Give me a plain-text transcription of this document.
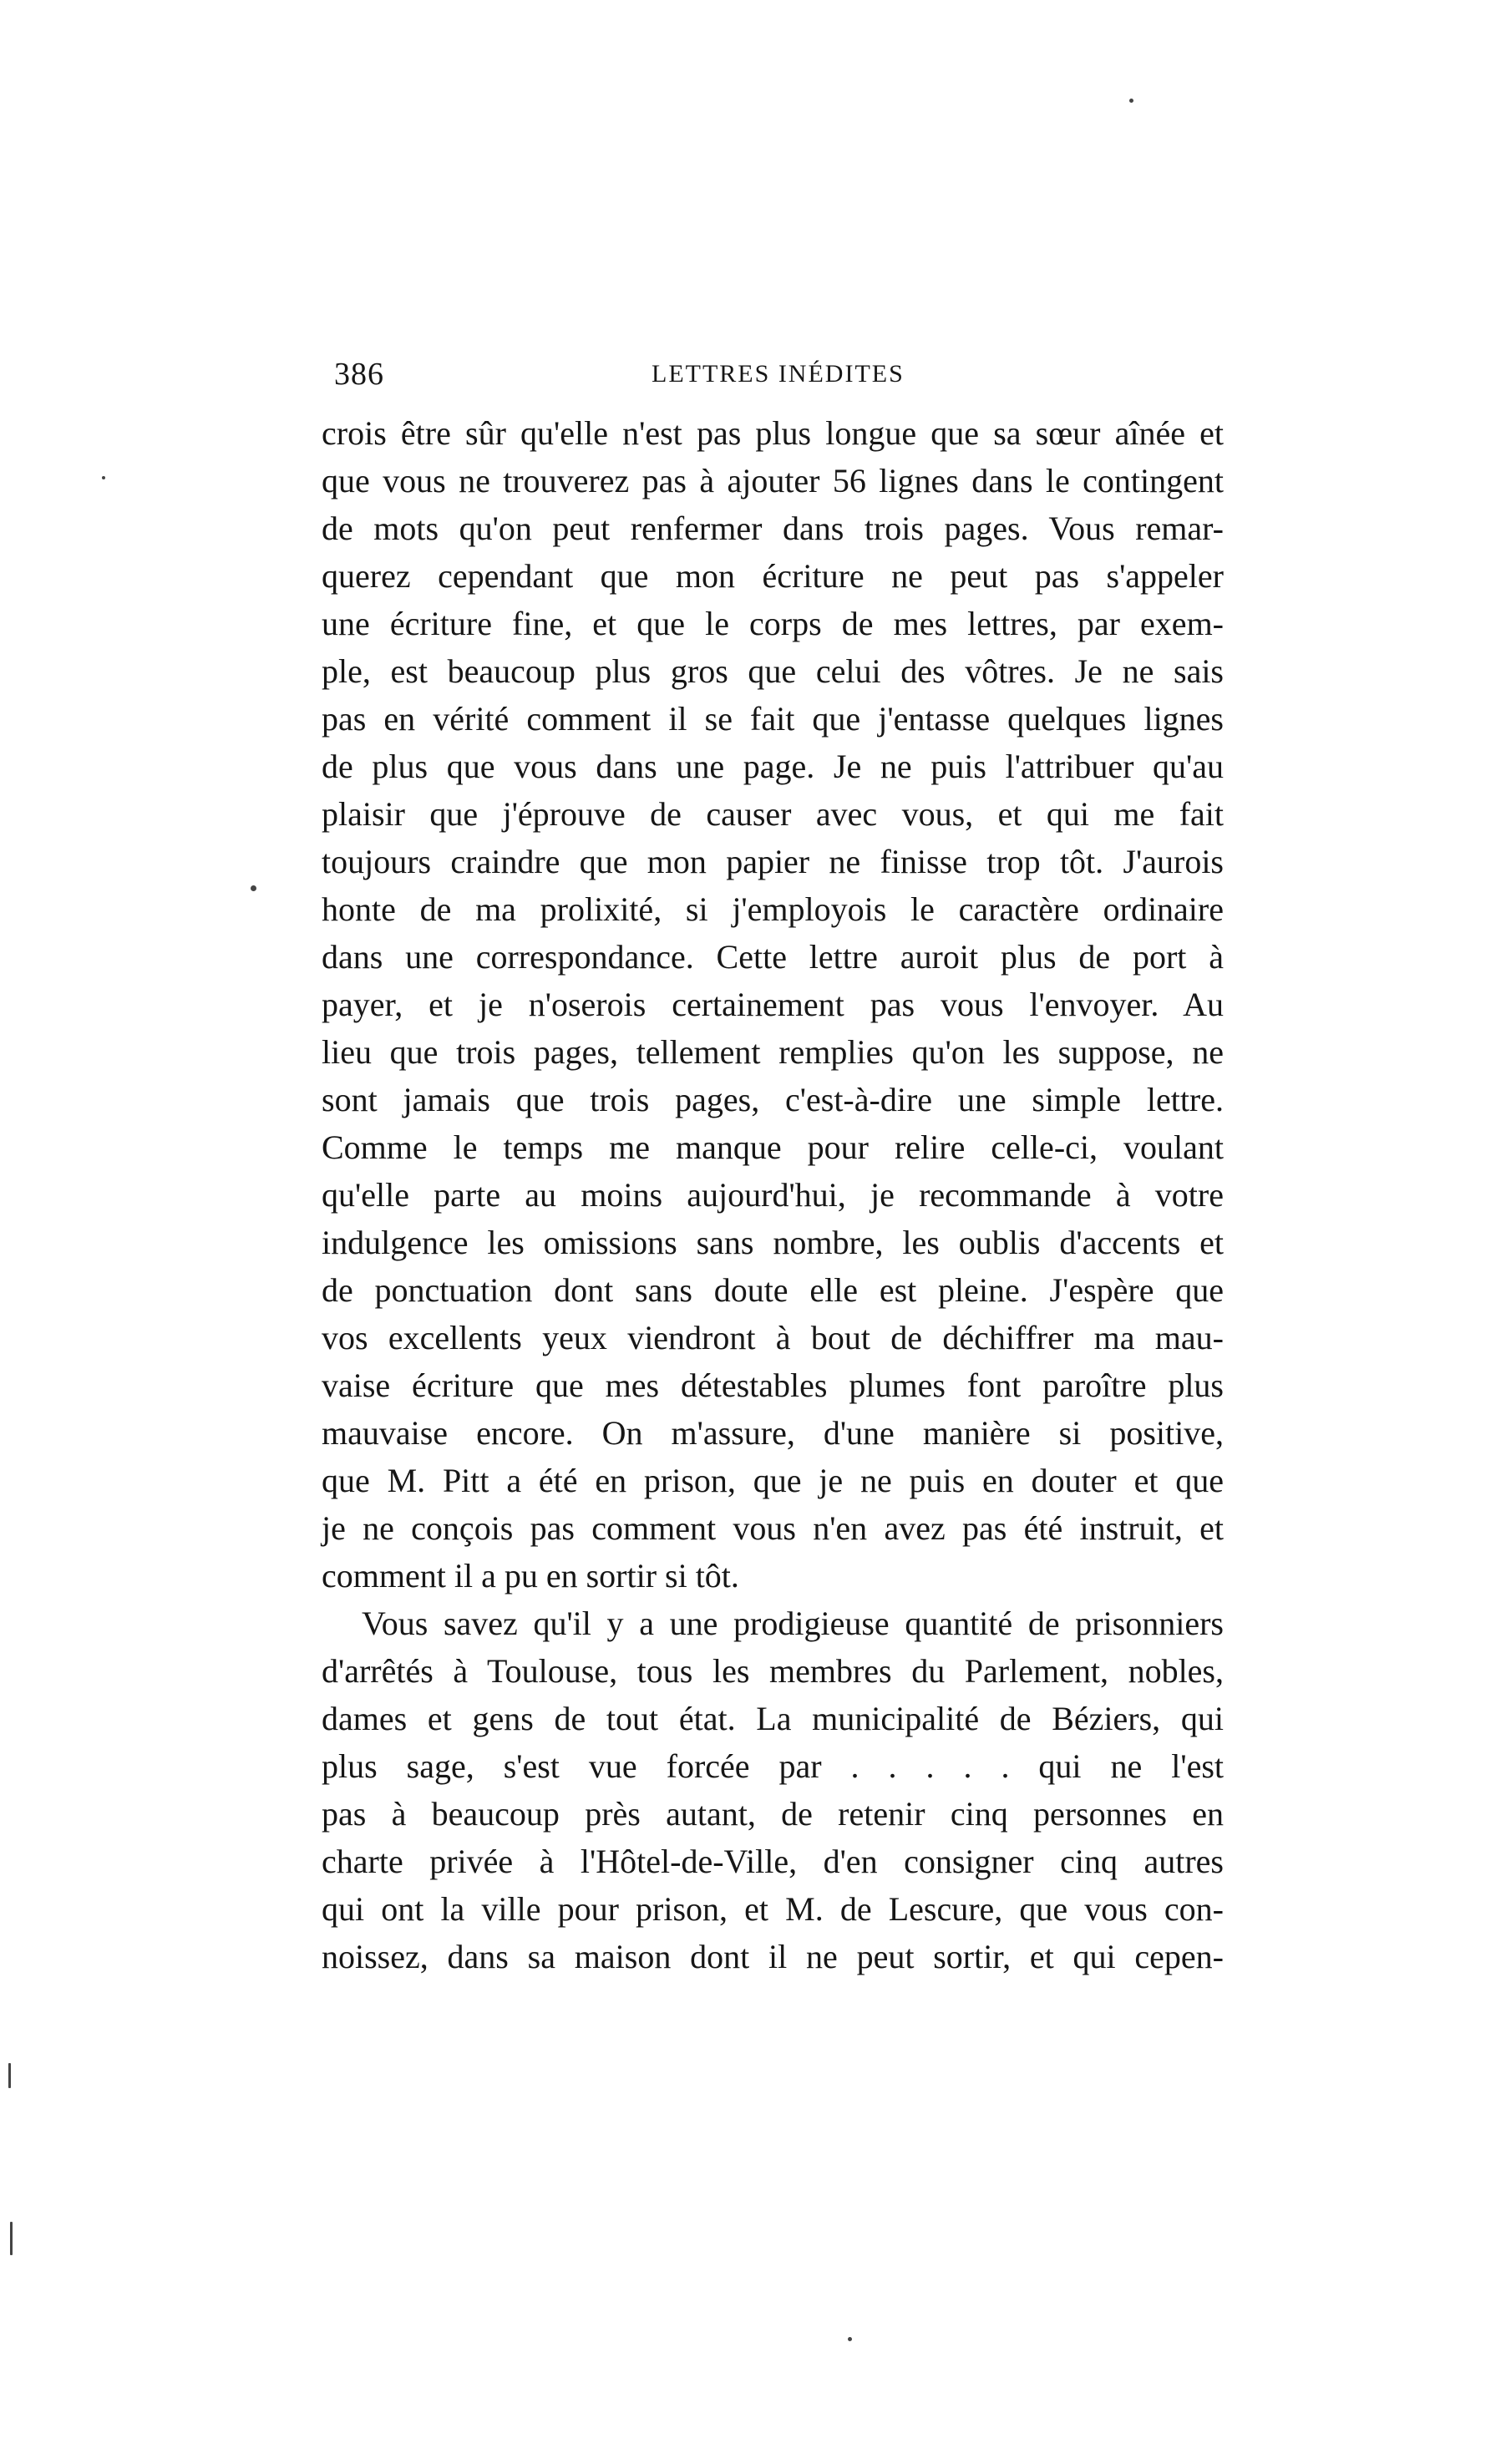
386	LETTRES INÉDITES
crois être sûr qu'elle n'est pas plus longue que sa sœur aînée et
que vous ne trouverez pas à ajouter 56 lignes dans le contingent
de mots qu'on peut renfermer dans trois pages. Vous remar-
querez cependant que mon écriture ne peut pas s'appeler
une écriture fine, et que le corps de mes lettres, par exem-
ple, est beaucoup plus gros que celui des vôtres. Je ne sais
pas en vérité comment il se fait que j'entasse quelques lignes
de plus que vous dans une page. Je ne puis l'attribuer qu'au
plaisir que j'éprouve de causer avec vous, et qui me fait
toujours craindre que mon papier ne finisse trop tôt. J'aurois
honte de ma prolixité, si j'employois le caractère ordinaire
dans une correspondance. Cette lettre auroit plus de port à
payer, et je n'oserois certainement pas vous l'envoyer. Au
lieu que trois pages, tellement remplies qu'on les suppose, ne
sont jamais que trois pages, c'est-à-dire une simple lettre.
Comme le temps me manque pour relire celle-ci, voulant
qu'elle parte au moins aujourd'hui, je recommande à votre
indulgence les omissions sans nombre, les oublis d'accents et
de ponctuation dont sans doute elle est pleine. J'espère que
vos excellents yeux viendront à bout de déchiffrer ma mau-
vaise écriture que mes détestables plumes font paroître plus
mauvaise encore. On m'assure, d'une manière si positive,
que M. Pitt a été en prison, que je ne puis en douter et que
je ne conçois pas comment vous n'en avez pas été instruit, et
comment il a pu en sortir si tôt.
Vous savez qu'il y a une prodigieuse quantité de prisonniers
d'arrêtés à Toulouse, tous les membres du Parlement, nobles,
dames et gens de tout état. La municipalité de Béziers, qui
plus sage, s'est vue forcée par . . . . . qui ne l'est
pas à beaucoup près autant, de retenir cinq personnes en
charte privée à l'Hôtel-de-Ville, d'en consigner cinq autres
qui ont la ville pour prison, et M. de Lescure, que vous con-
noissez, dans sa maison dont il ne peut sortir, et qui cepen-
